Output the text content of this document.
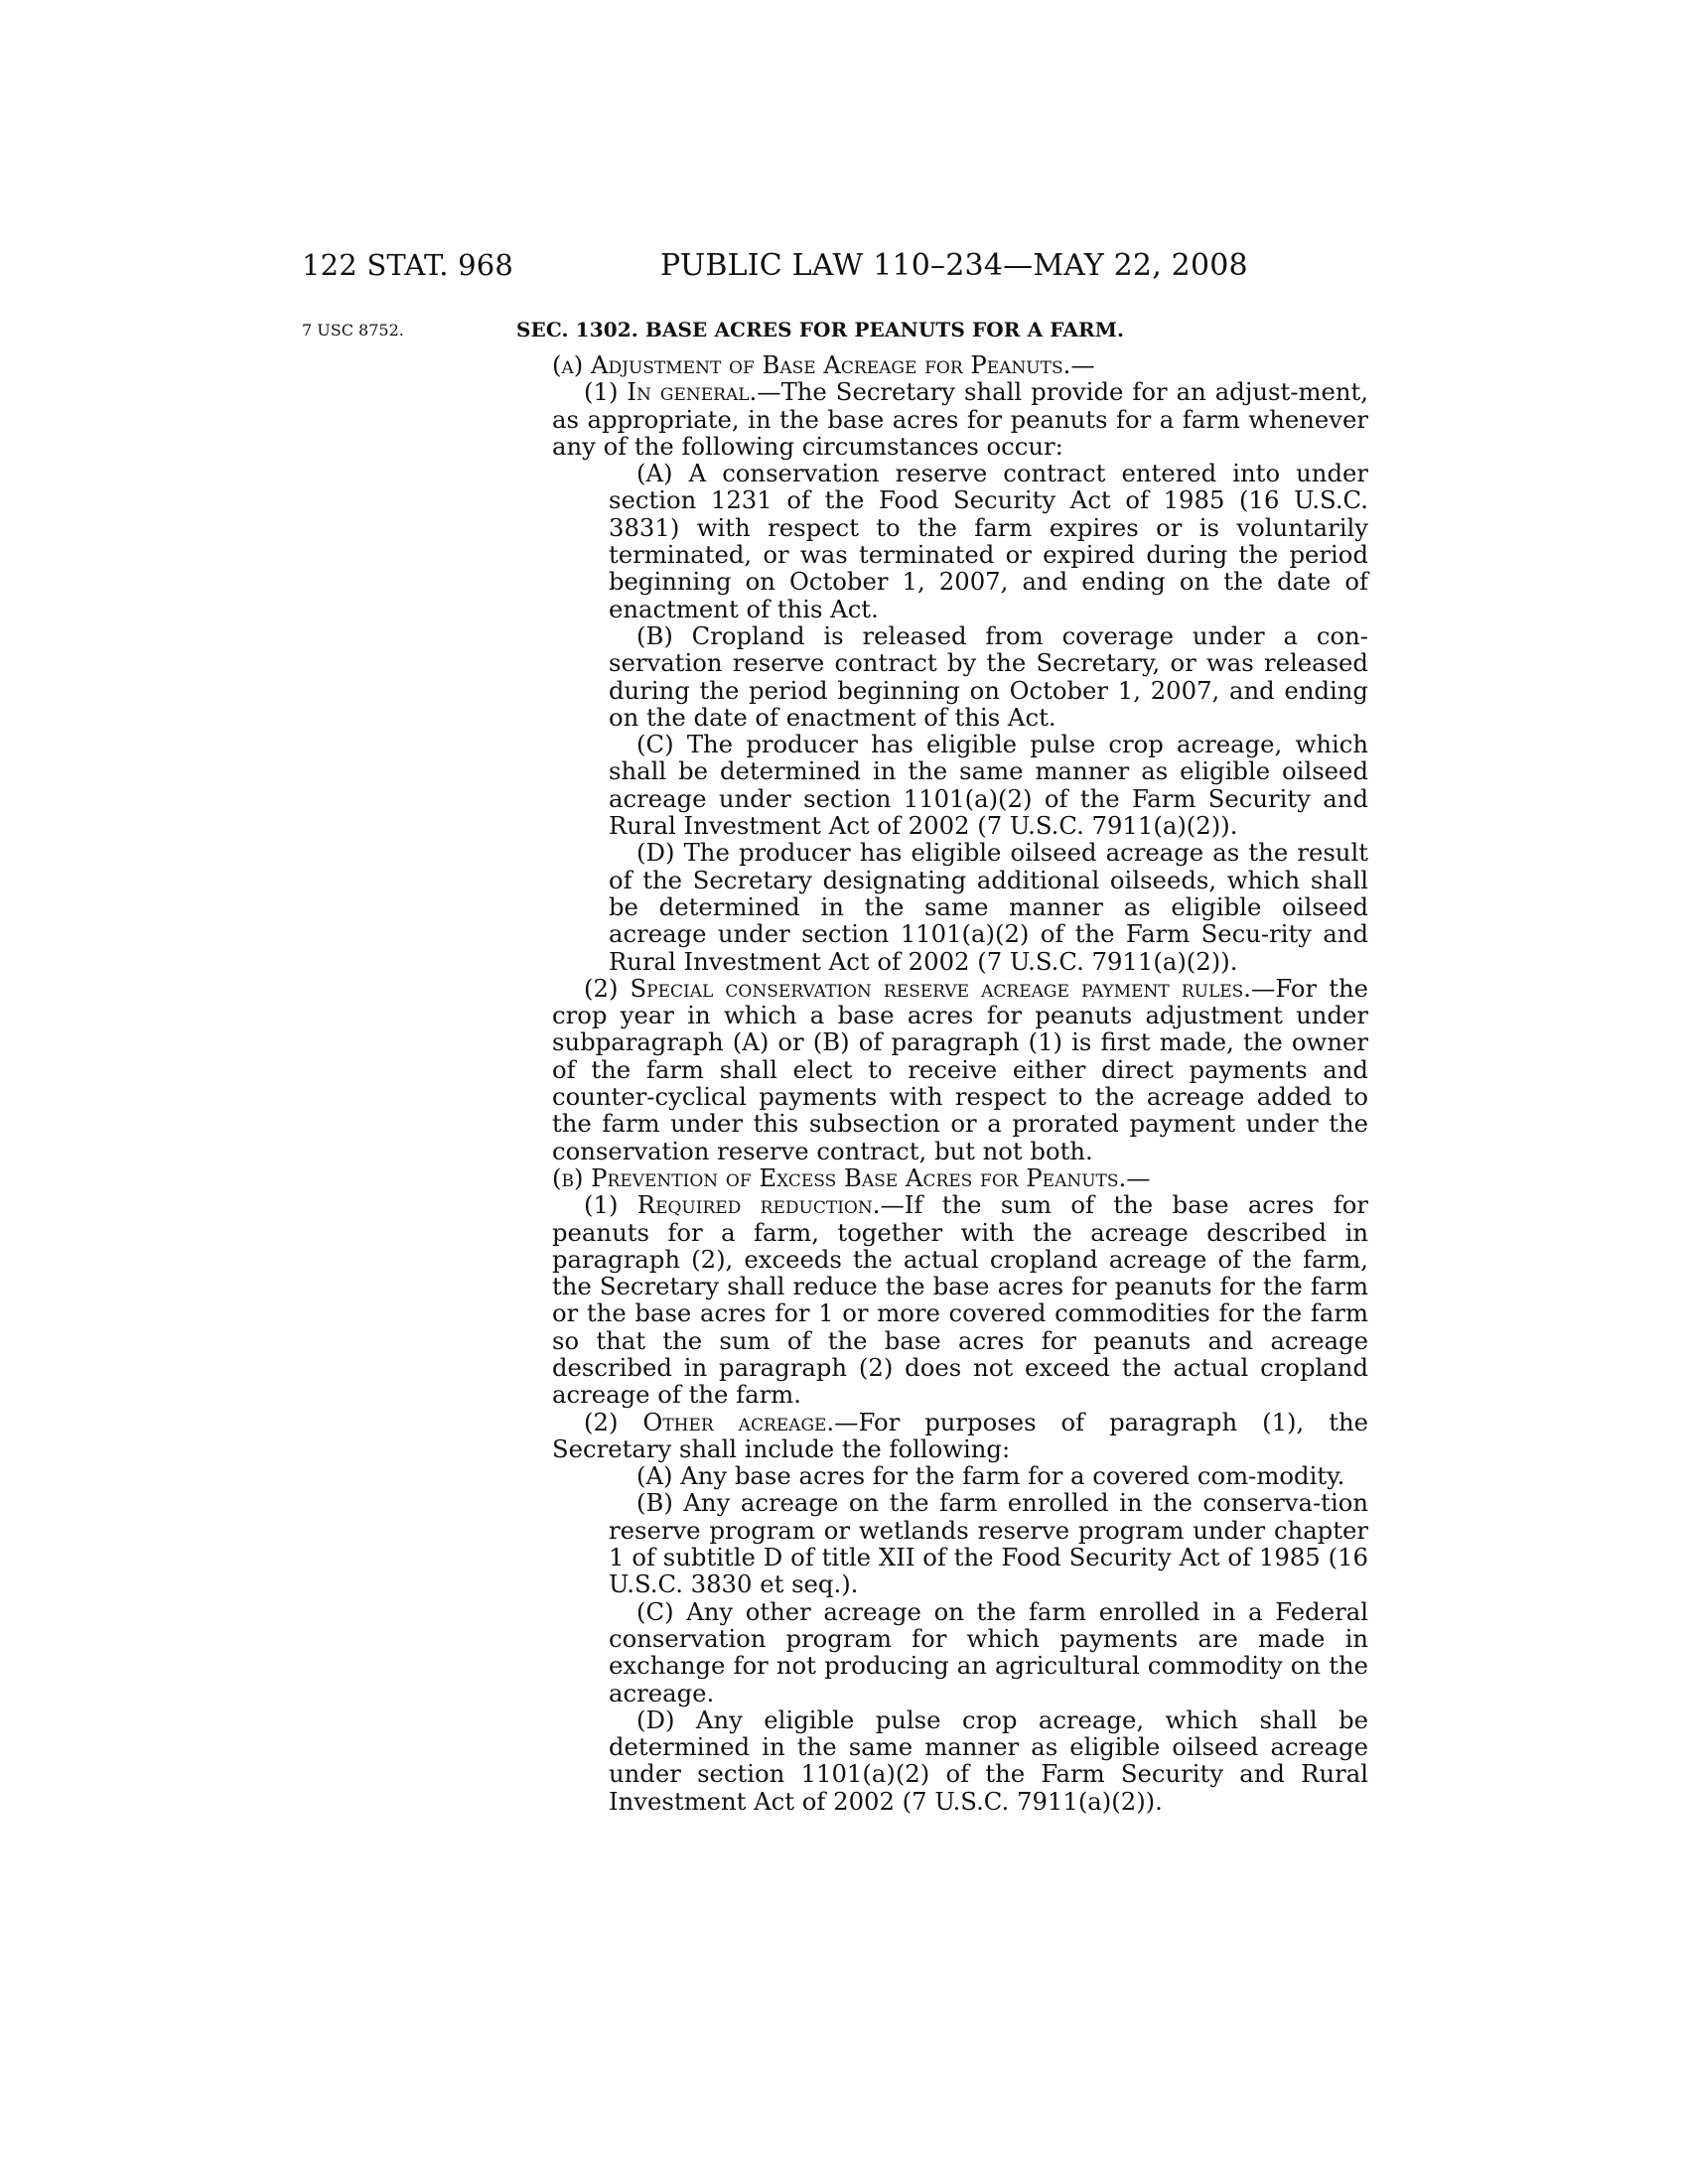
122 STAT. 968	PUBLIC LAW 110–234—MAY 22, 2008
7 USC 8752.	SEC. 1302. BASE ACRES FOR PEANUTS FOR A FARM.

(a) Adjustment of Base Acreage for Peanuts.—

(1) In general.—The Secretary shall provide for an adjust-ment, as appropriate, in the base acres for peanuts for a farm whenever any of the following circumstances occur:

(A) A conservation reserve contract entered into under section 1231 of the Food Security Act of 1985 (16 U.S.C. 3831) with respect to the farm expires or is voluntarily terminated, or was terminated or expired during the period beginning on October 1, 2007, and ending on the date of enactment of this Act.

(B) Cropland is released from coverage under a con-servation reserve contract by the Secretary, or was released during the period beginning on October 1, 2007, and ending on the date of enactment of this Act.

(C) The producer has eligible pulse crop acreage, which shall be determined in the same manner as eligible oilseed acreage under section 1101(a)(2) of the Farm Security and Rural Investment Act of 2002 (7 U.S.C. 7911(a)(2)).

(D) The producer has eligible oilseed acreage as the result of the Secretary designating additional oilseeds, which shall be determined in the same manner as eligible oilseed acreage under section 1101(a)(2) of the Farm Secu-rity and Rural Investment Act of 2002 (7 U.S.C. 7911(a)(2)).

(2) Special conservation reserve acreage payment rules.—For the crop year in which a base acres for peanuts adjustment under subparagraph (A) or (B) of paragraph (1) is first made, the owner of the farm shall elect to receive either direct payments and counter-cyclical payments with respect to the acreage added to the farm under this subsection or a prorated payment under the conservation reserve contract, but not both.

(b) Prevention of Excess Base Acres for Peanuts.—

(1) Required reduction.—If the sum of the base acres for peanuts for a farm, together with the acreage described in paragraph (2), exceeds the actual cropland acreage of the farm, the Secretary shall reduce the base acres for peanuts for the farm or the base acres for 1 or more covered commodities for the farm so that the sum of the base acres for peanuts and acreage described in paragraph (2) does not exceed the actual cropland acreage of the farm.

(2) Other acreage.—For purposes of paragraph (1), the Secretary shall include the following:

(A) Any base acres for the farm for a covered com-modity.

(B) Any acreage on the farm enrolled in the conserva-tion reserve program or wetlands reserve program under chapter 1 of subtitle D of title XII of the Food Security Act of 1985 (16 U.S.C. 3830 et seq.).

(C) Any other acreage on the farm enrolled in a Federal conservation program for which payments are made in exchange for not producing an agricultural commodity on the acreage.

(D) Any eligible pulse crop acreage, which shall be determined in the same manner as eligible oilseed acreage under section 1101(a)(2) of the Farm Security and Rural Investment Act of 2002 (7 U.S.C. 7911(a)(2)).
